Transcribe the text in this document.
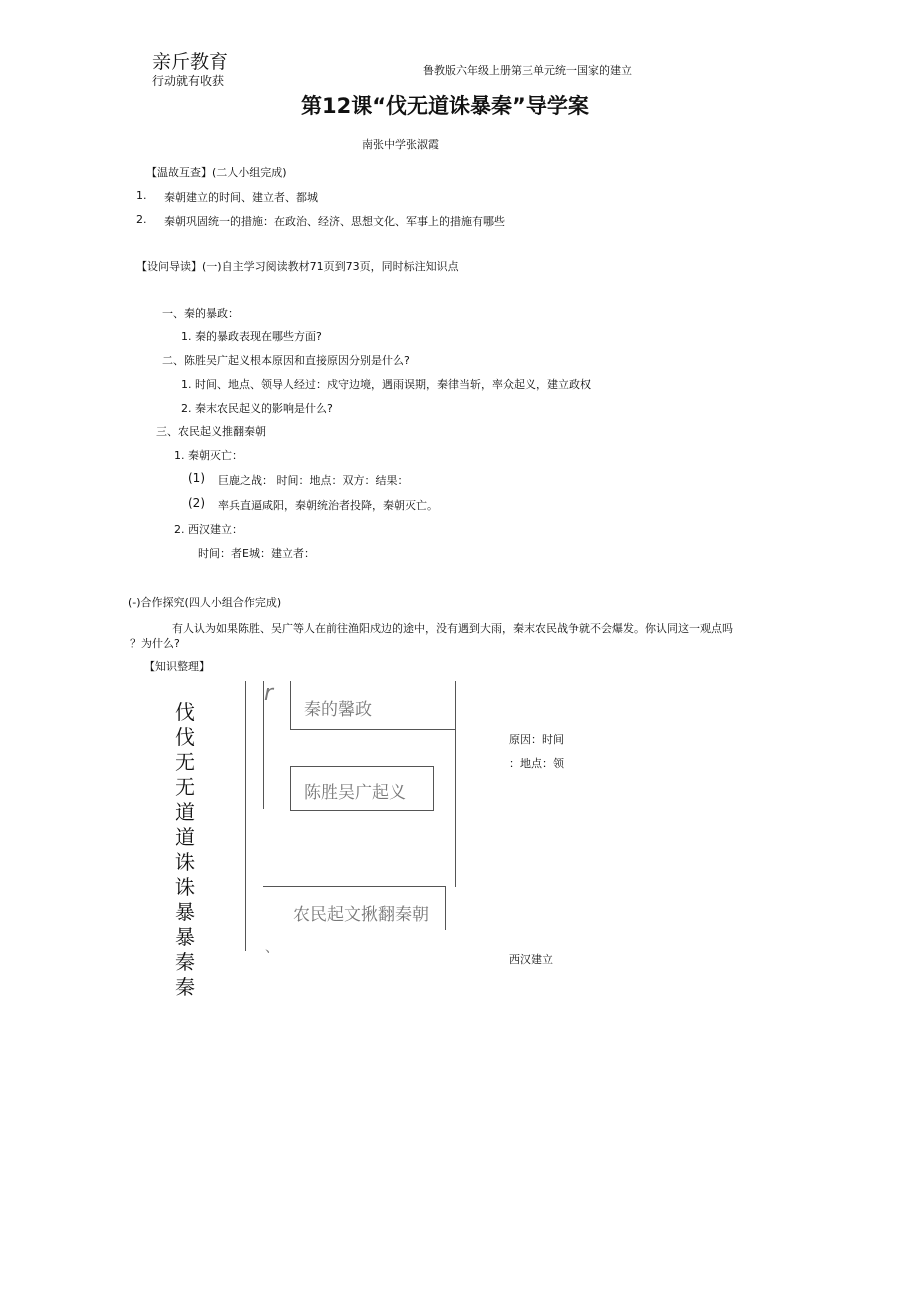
亲斤教育
行动就有收获
鲁教版六年级上册第三单元统一国家的建立
第12课“伐无道诛暴秦”导学案
南张中学张淑霞
【温故互查】(二人小组完成)
1. 秦朝建立的时间、建立者、都城
2. 秦朝巩固统一的措施：在政治、经济、思想文化、军事上的措施有哪些
【设问导读】(一)自主学习阅读教材71页到73页，同时标注知识点
一、秦的暴政：
1. 秦的暴政表现在哪些方面?
二、陈胜吴广起义根本原因和直接原因分别是什么?
1. 时间、地点、领导人经过：戍守边境，遇雨误期，秦律当斩，率众起义，建立政权
2. 秦末农民起义的影响是什么?
三、农民起义推翻秦朝
1. 秦朝灭亡：
(1) 巨鹿之战： 时间：地点：双方：结果：
(2) 率兵直逼咸阳，秦朝统治者投降，秦朝灭亡。
2. 西汉建立：
时间：者E城：建立者：
(-)合作探究(四人小组合作完成)
有人认为如果陈胜、吴广等人在前往渔阳戍边的途中，没有遇到大雨，秦末农民战争就不会爆发。你认同这一观点吗
？为什么?
【知识整理】
伐
伐
无
无
道
道
诛
诛
暴
暴
秦
秦
r
、
秦的馨政
陈胜吴广起义
农民起文揪翻秦朝
原因：时间
：地点：领
西汉建立
